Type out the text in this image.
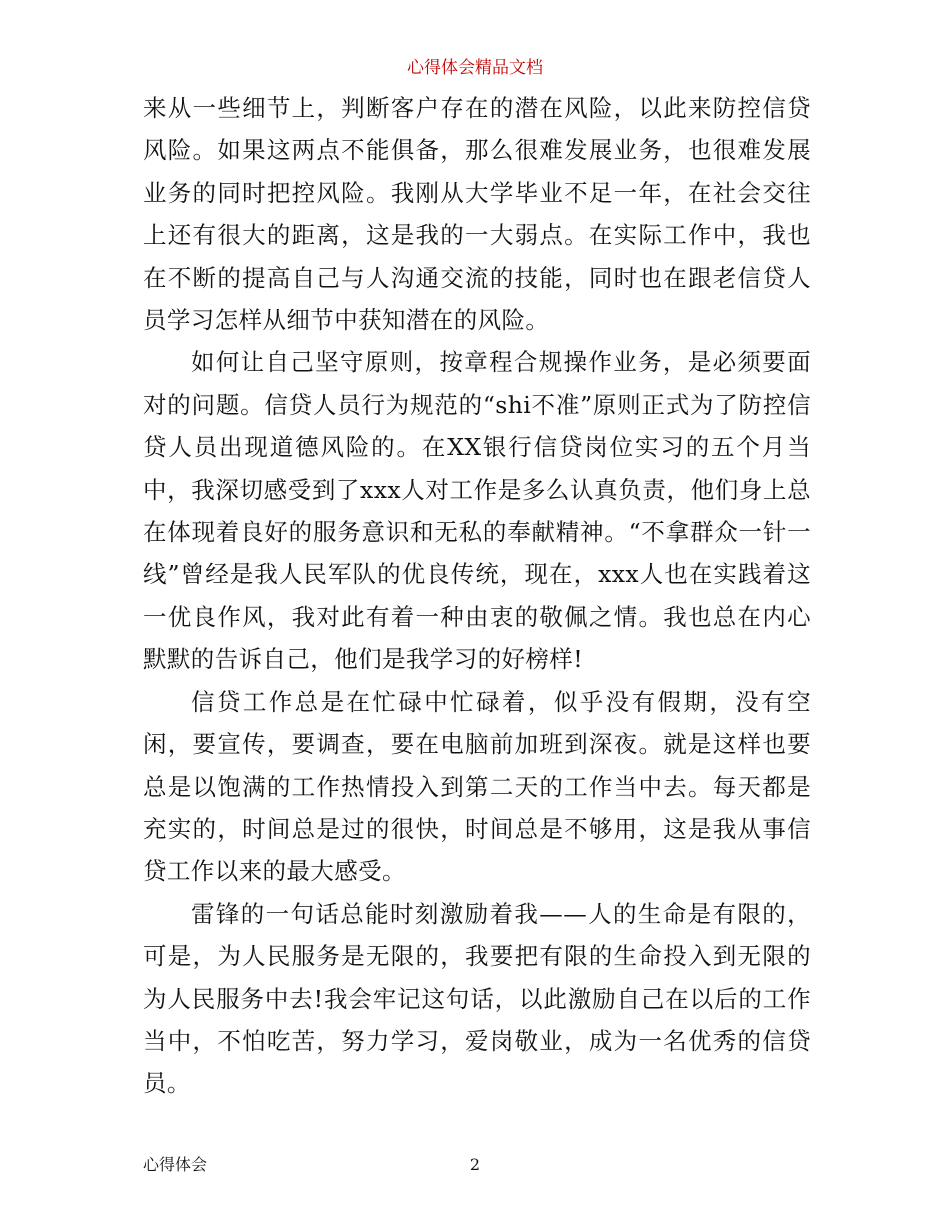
心得体会精品文档

来从一些细节上，判断客户存在的潜在风险，以此来防控信贷风险。如果这两点不能俱备，那么很难发展业务，也很难发展业务的同时把控风险。我刚从大学毕业不足一年，在社会交往上还有很大的距离，这是我的一大弱点。在实际工作中，我也在不断的提高自己与人沟通交流的技能，同时也在跟老信贷人员学习怎样从细节中获知潜在的风险。

如何让自己坚守原则，按章程合规操作业务，是必须要面对的问题。信贷人员行为规范的“shi不准”原则正式为了防控信贷人员出现道德风险的。在XX银行信贷岗位实习的五个月当中，我深切感受到了xxx人对工作是多么认真负责，他们身上总在体现着良好的服务意识和无私的奉献精神。“不拿群众一针一线”曾经是我人民军队的优良传统，现在，xxx人也在实践着这一优良作风，我对此有着一种由衷的敬佩之情。我也总在内心默默的告诉自己，他们是我学习的好榜样!

信贷工作总是在忙碌中忙碌着，似乎没有假期，没有空闲，要宣传，要调查，要在电脑前加班到深夜。就是这样也要总是以饱满的工作热情投入到第二天的工作当中去。每天都是充实的，时间总是过的很快，时间总是不够用，这是我从事信贷工作以来的最大感受。

雷锋的一句话总能时刻激励着我——人的生命是有限的，可是，为人民服务是无限的，我要把有限的生命投入到无限的为人民服务中去!我会牢记这句话，以此激励自己在以后的工作当中，不怕吃苦，努力学习，爱岗敬业，成为一名优秀的信贷员。

心得体会	2
